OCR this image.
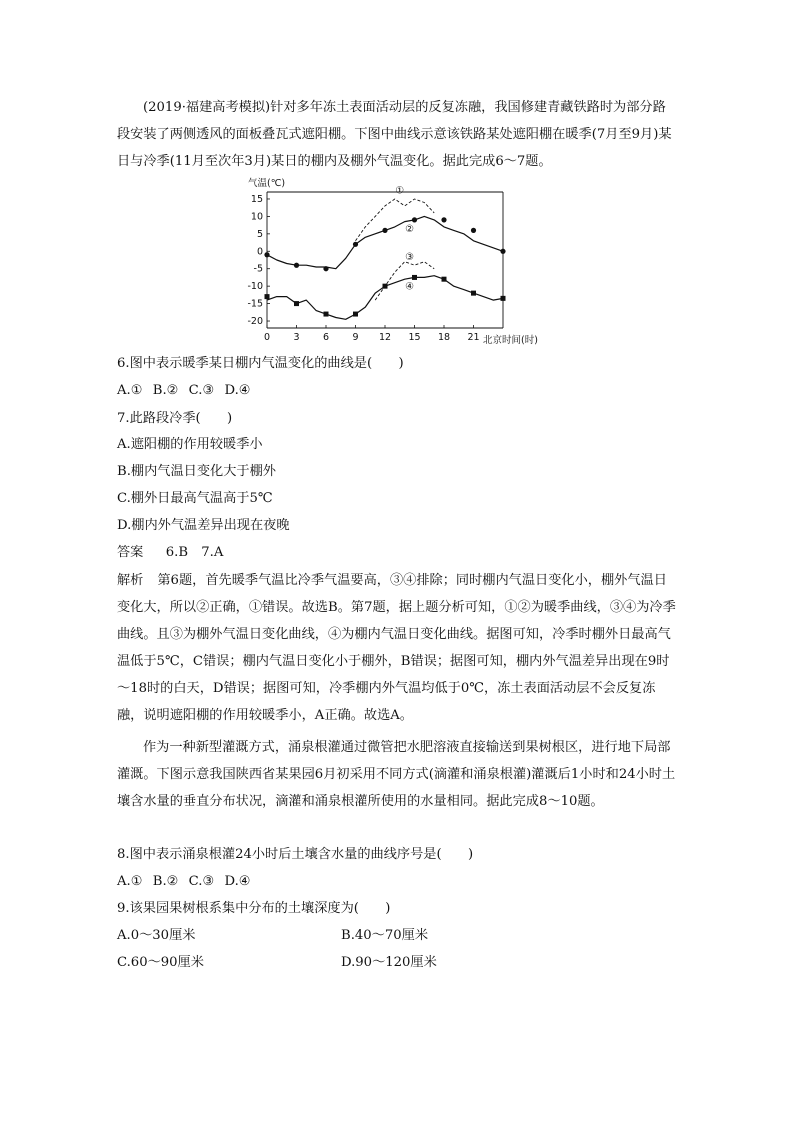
(2019·福建高考模拟)针对多年冻土表面活动层的反复冻融，我国修建青藏铁路时为部分路段安装了两侧透风的面板叠瓦式遮阳棚。下图中曲线示意该铁路某处遮阳棚在暖季(7月至9月)某日与冷季(11月至次年3月)某日的棚内及棚外气温变化。据此完成6～7题。

气温(℃)
15
10
5
0
-5
-10
-15
-20
0 3 6 9 12 15 18 21 北京时间(时)
①
②
③
④
6.图中表示暖季某日棚内气温变化的曲线是(　　)
A.① B.② C.③ D.④
7.此路段冷季(　　)
A.遮阳棚的作用较暖季小
B.棚内气温日变化大于棚外
C.棚外日最高气温高于5℃
D.棚内外气温差异出现在夜晚
答案 6.B　7.A

解析 第6题，首先暖季气温比冷季气温要高，③④排除；同时棚内气温日变化小，棚外气温日变化大，所以②正确，①错误。故选B。第7题，据上题分析可知，①②为暖季曲线，③④为冷季曲线。且③为棚外气温日变化曲线，④为棚内气温日变化曲线。据图可知，冷季时棚外日最高气温低于5℃，C错误；棚内气温日变化小于棚外，B错误；据图可知，棚内外气温差异出现在9时～18时的白天，D错误；据图可知，冷季棚内外气温均低于0℃，冻土表面活动层不会反复冻融，说明遮阳棚的作用较暖季小，A正确。故选A。

作为一种新型灌溉方式，涌泉根灌通过微管把水肥溶液直接输送到果树根区，进行地下局部灌溉。下图示意我国陕西省某果园6月初采用不同方式(滴灌和涌泉根灌)灌溉后1小时和24小时土壤含水量的垂直分布状况，滴灌和涌泉根灌所使用的水量相同。据此完成8～10题。

8.图中表示涌泉根灌24小时后土壤含水量的曲线序号是(　　)
A.① B.② C.③ D.④
9.该果园果树根系集中分布的土壤深度为(　　)
A.0～30厘米	B.40～70厘米
C.60～90厘米	D.90～120厘米
